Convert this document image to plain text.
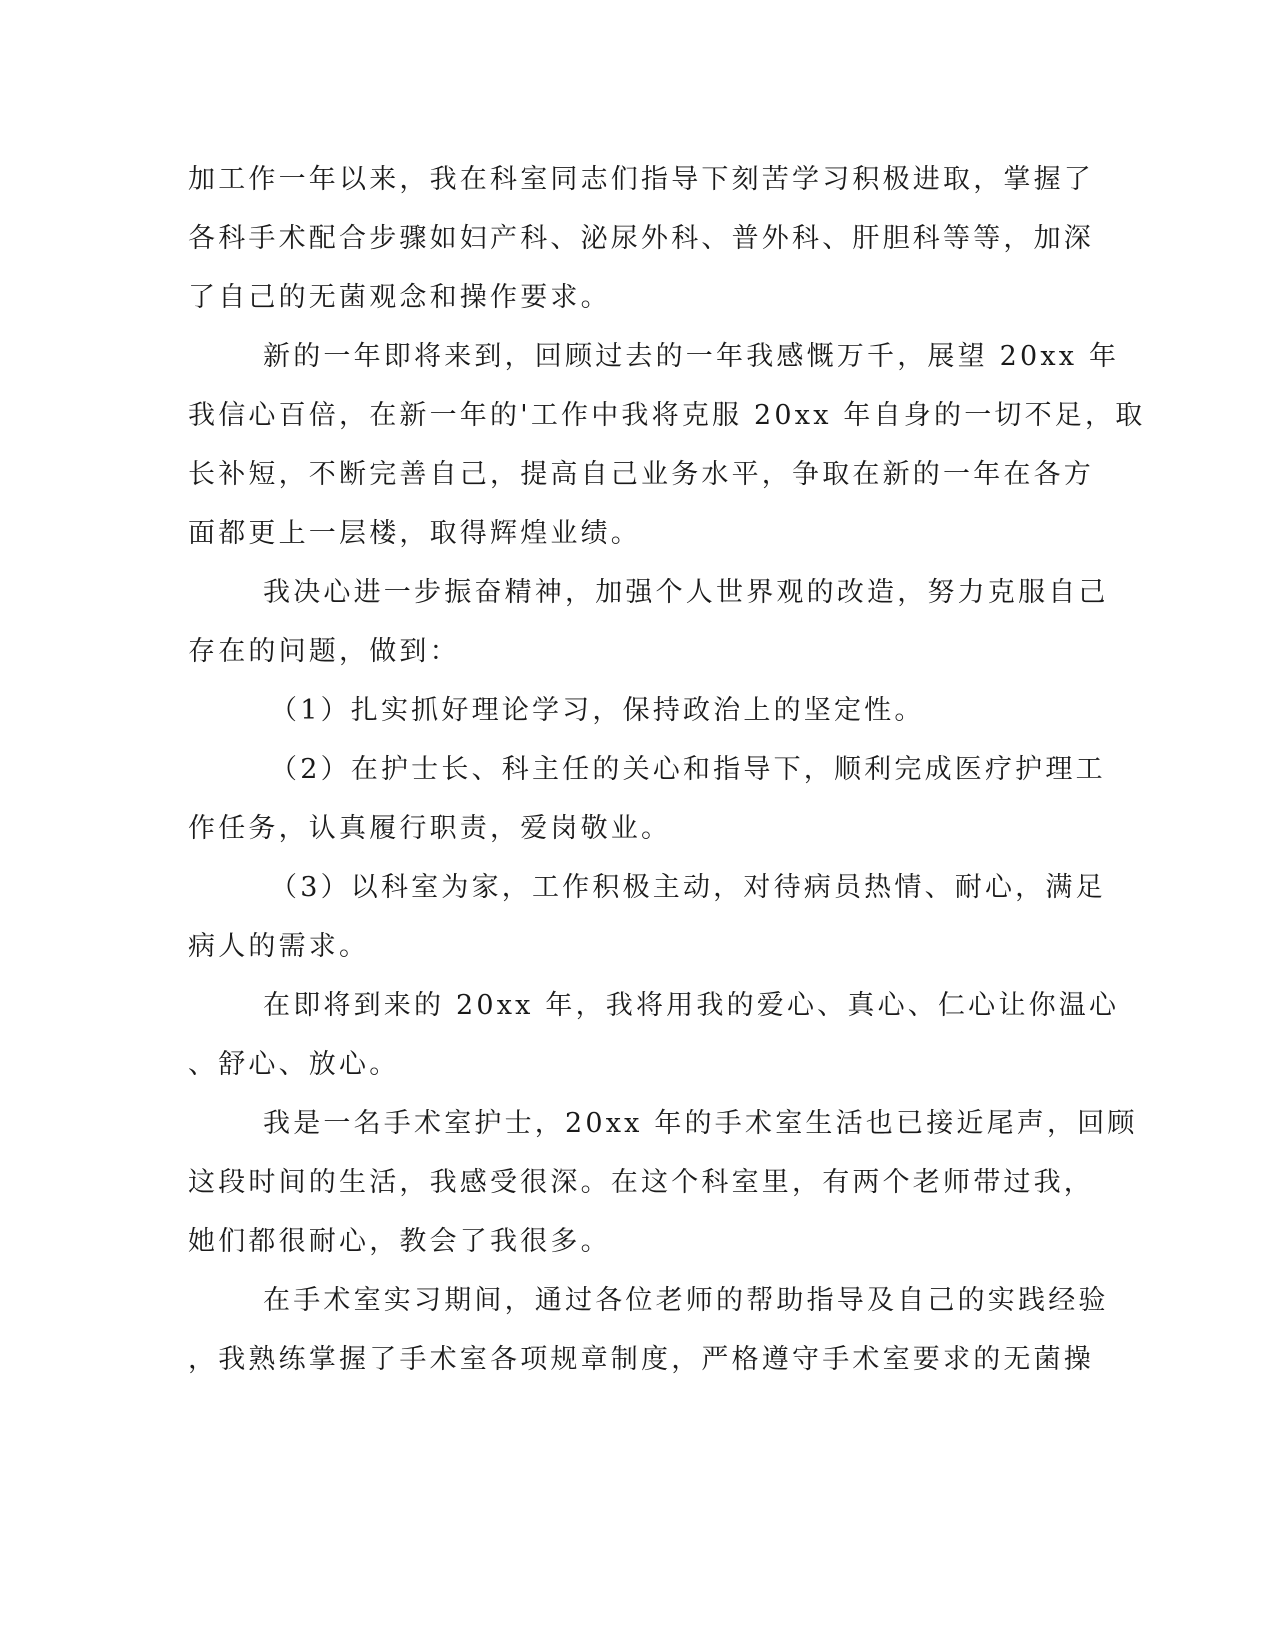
加工作一年以来，我在科室同志们指导下刻苦学习积极进取，掌握了
各科手术配合步骤如妇产科、泌尿外科、普外科、肝胆科等等，加深
了自己的无菌观念和操作要求。
新的一年即将来到，回顾过去的一年我感慨万千，展望 20xx 年
我信心百倍，在新一年的'工作中我将克服 20xx 年自身的一切不足，取
长补短，不断完善自己，提高自己业务水平，争取在新的一年在各方
面都更上一层楼，取得辉煌业绩。
我决心进一步振奋精神，加强个人世界观的改造，努力克服自己
存在的问题，做到：
（1）扎实抓好理论学习，保持政治上的坚定性。
（2）在护士长、科主任的关心和指导下，顺利完成医疗护理工
作任务，认真履行职责，爱岗敬业。
（3）以科室为家，工作积极主动，对待病员热情、耐心，满足
病人的需求。
在即将到来的 20xx 年，我将用我的爱心、真心、仁心让你温心
、舒心、放心。
我是一名手术室护士，20xx 年的手术室生活也已接近尾声，回顾
这段时间的生活，我感受很深。在这个科室里，有两个老师带过我，
她们都很耐心，教会了我很多。
在手术室实习期间，通过各位老师的帮助指导及自己的实践经验
，我熟练掌握了手术室各项规章制度，严格遵守手术室要求的无菌操
